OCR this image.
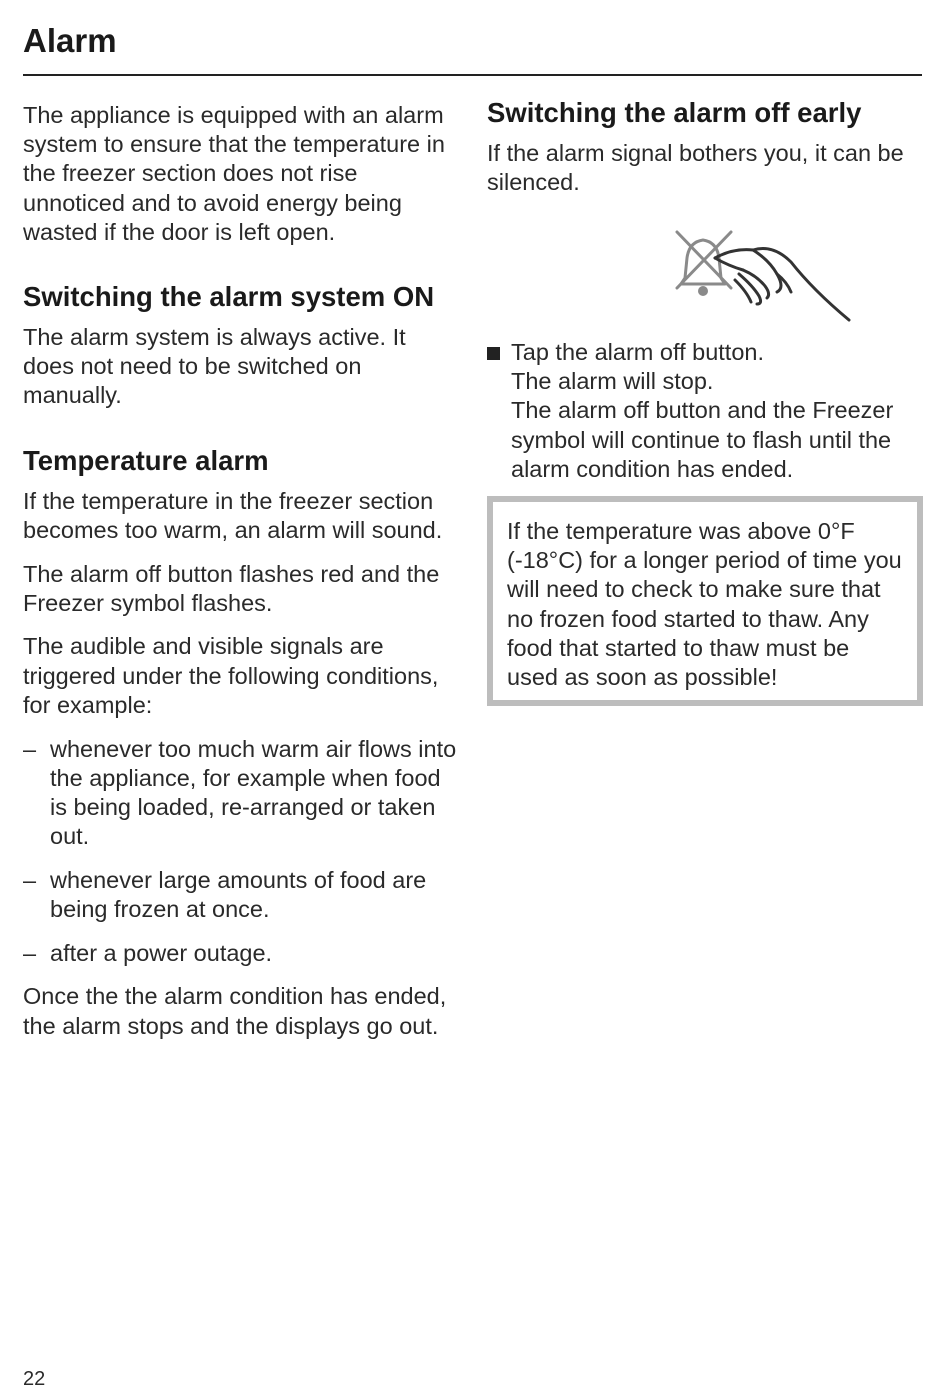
Alarm

The appliance is equipped with an alarm system to ensure that the temperature in the freezer section does not rise unnoticed and to avoid energy being wasted if the door is left open.

Switching the alarm system ON

The alarm system is always active. It does not need to be switched on manually.

Temperature alarm

If the temperature in the freezer section becomes too warm, an alarm will sound.

The alarm off button flashes red and the Freezer symbol flashes.

The audible and visible signals are triggered under the following conditions, for example:

– whenever too much warm air flows into the appliance, for example when food is being loaded, re-arranged or taken out.
– whenever large amounts of food are being frozen at once.
– after a power outage.

Once the the alarm condition has ended, the alarm stops and the displays go out.

Switching the alarm off early

If the alarm signal bothers you, it can be silenced.

Tap the alarm off button.
The alarm will stop.
The alarm off button and the Freezer symbol will continue to flash until the alarm condition has ended.
If the temperature was above 0°F (-18°C) for a longer period of time you will need to check to make sure that no frozen food started to thaw. Any food that started to thaw must be used as soon as possible!
22
